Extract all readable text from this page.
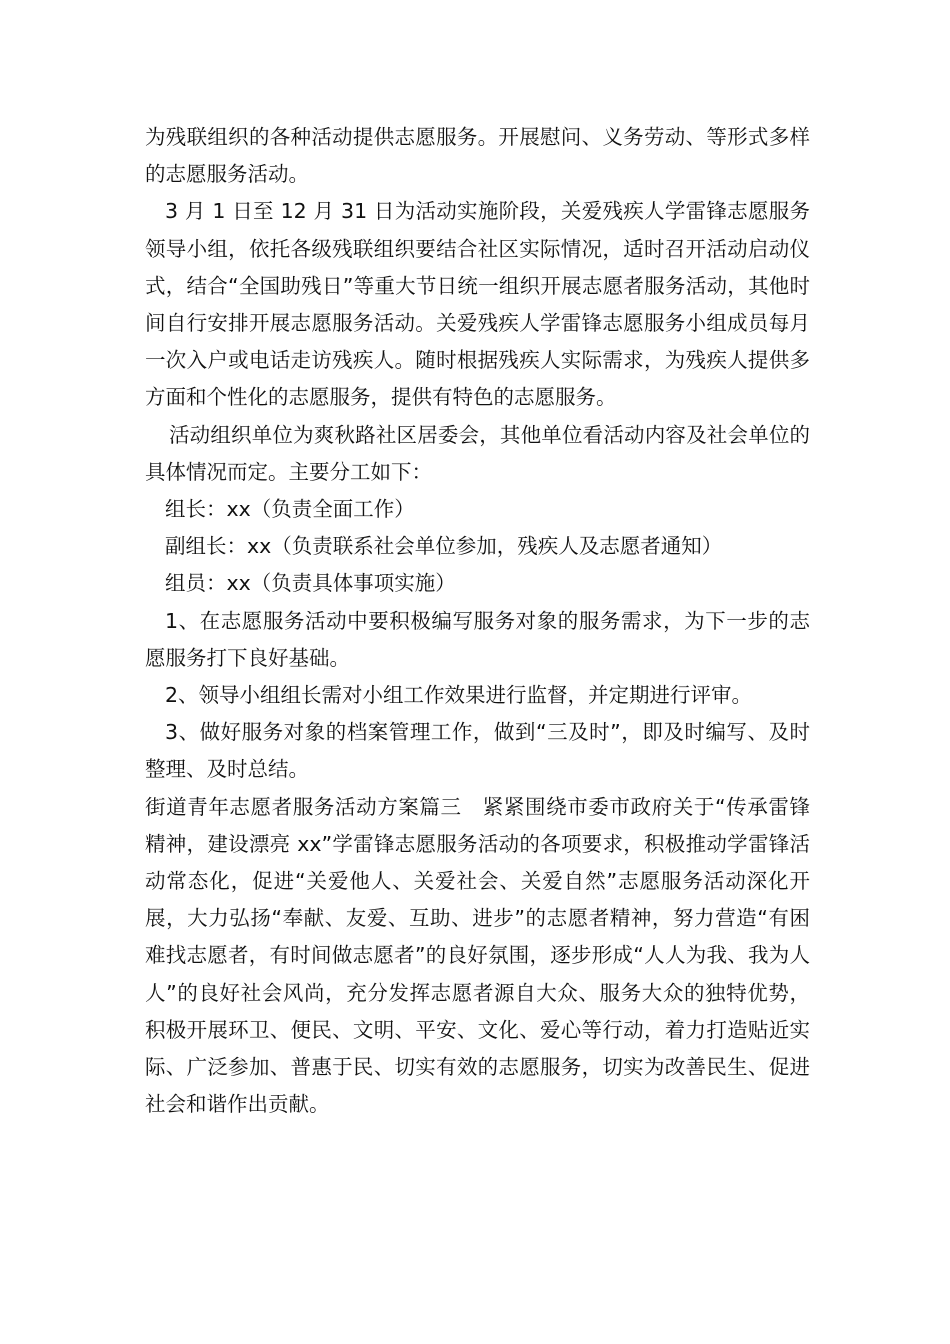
为残联组织的各种活动提供志愿服务。开展慰问、义务劳动、等形式多样的志愿服务活动。

3 月 1 日至 12 月 31 日为活动实施阶段，关爱残疾人学雷锋志愿服务领导小组，依托各级残联组织要结合社区实际情况，适时召开活动启动仪式，结合“全国助残日”等重大节日统一组织开展志愿者服务活动，其他时间自行安排开展志愿服务活动。关爱残疾人学雷锋志愿服务小组成员每月一次入户或电话走访残疾人。随时根据残疾人实际需求，为残疾人提供多方面和个性化的志愿服务，提供有特色的志愿服务。

活动组织单位为爽秋路社区居委会，其他单位看活动内容及社会单位的具体情况而定。主要分工如下：

组长：xx（负责全面工作）

副组长：xx（负责联系社会单位参加，残疾人及志愿者通知）

组员：xx（负责具体事项实施）

1、在志愿服务活动中要积极编写服务对象的服务需求，为下一步的志愿服务打下良好基础。

2、领导小组组长需对小组工作效果进行监督，并定期进行评审。

3、做好服务对象的档案管理工作，做到“三及时”，即及时编写、及时整理、及时总结。

街道青年志愿者服务活动方案篇三　紧紧围绕市委市政府关于“传承雷锋精神，建设漂亮 xx”学雷锋志愿服务活动的各项要求，积极推动学雷锋活动常态化，促进“关爱他人、关爱社会、关爱自然”志愿服务活动深化开展，大力弘扬“奉献、友爱、互助、进步”的志愿者精神，努力营造“有困难找志愿者，有时间做志愿者”的良好氛围，逐步形成“人人为我、我为人人”的良好社会风尚，充分发挥志愿者源自大众、服务大众的独特优势，积极开展环卫、便民、文明、平安、文化、爱心等行动，着力打造贴近实际、广泛参加、普惠于民、切实有效的志愿服务，切实为改善民生、促进社会和谐作出贡献。
